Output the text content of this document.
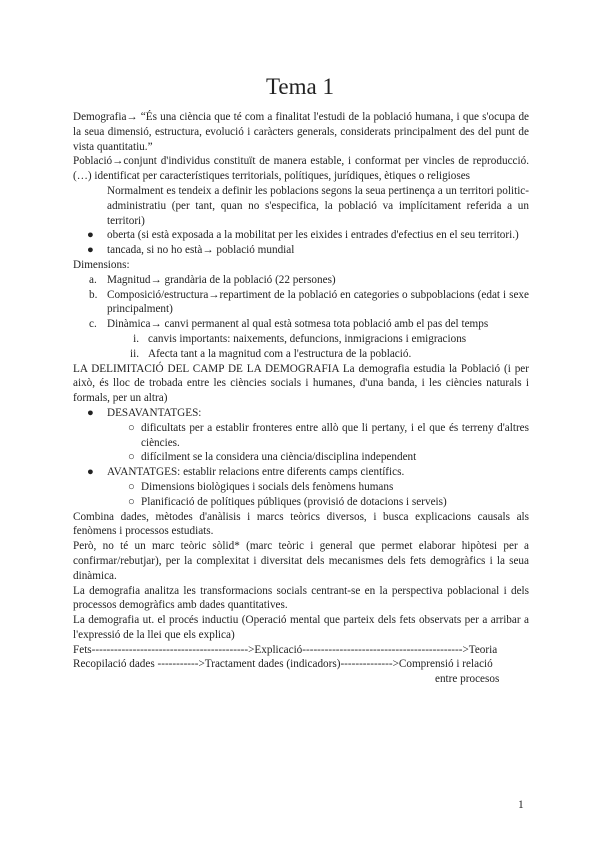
Tema 1

Demografia→ “És una ciència que té com a finalitat l'estudi de la població humana, i que s'ocupa de la seua dimensió, estructura, evolució i caràcters generals, considerats principalment des del punt de vista quantitatiu.”

Població→conjunt d'individus constituït de manera estable, i conformat per vincles de reproducció. (…) identificat per característiques territorials, polítiques, jurídiques, ètiques o religioses

Normalment es tendeix a definir les poblacions segons la seua pertinença a un territori politic-administratiu (per tant, quan no s'especifica, la població va implícitament referida a un territori)

● oberta (si està exposada a la mobilitat per les eixides i entrades d'efectius en el seu territori.)
● tancada, si no ho està→ població mundial

Dimensions:

a. Magnitud→ grandària de la població (22 persones)
b. Composició/estructura→repartiment de la població en categories o subpoblacions (edat i sexe principalment)
c. Dinàmica→ canvi permanent al qual està sotmesa tota població amb el pas del temps
i. canvis importants: naixements, defuncions, inmigracions i emigracions
ii. Afecta tant a la magnitud com a l'estructura de la població.

LA DELIMITACIÓ DEL CAMP DE LA DEMOGRAFIA La demografia estudia la Població (i per això, és lloc de trobada entre les ciències socials i humanes, d'una banda, i les ciències naturals i formals, per un altra)

● DESAVANTATGES:
○ dificultats per a establir fronteres entre allò que li pertany, i el que és terreny d'altres ciències.
○ difícilment se la considera una ciència/disciplina independent
● AVANTATGES: establir relacions entre diferents camps científics.
○ Dimensions biològiques i socials dels fenòmens humans
○ Planificació de polítiques públiques (provisió de dotacions i serveis)

Combina dades, mètodes d'anàlisis i marcs teòrics diversos, i busca explicacions causals als fenòmens i processos estudiats.

Però, no té un marc teòric sòlid* (marc teòric i general que permet elaborar hipòtesi per a confirmar/rebutjar), per la complexitat i diversitat dels mecanismes dels fets demogràfics i la seua dinàmica.

La demografia analitza les transformacions socials centrant-se en la perspectiva poblacional i dels processos demogràfics amb dades quantitatives.

La demografia ut. el procés inductiu (Operació mental que parteix dels fets observats per a arribar a l'expressió de la llei que els explica)

Fets------------------------------------------>Explicació------------------------------------------->Teoria
Recopilació dades ----------->Tractament dades (indicadors)-------------->Comprensió i relació
entre procesos
1
